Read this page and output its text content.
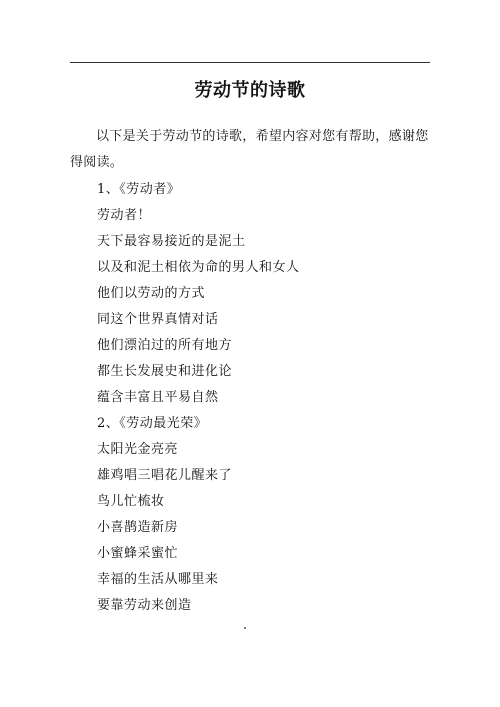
劳动节的诗歌
以下是关于劳动节的诗歌，希望内容对您有帮助，感谢您得阅读。
1、《劳动者》
劳动者！
天下最容易接近的是泥土
以及和泥土相依为命的男人和女人
他们以劳动的方式
同这个世界真情对话
他们漂泊过的所有地方
都生长发展史和进化论
蕴含丰富且平易自然
2、《劳动最光荣》
太阳光金亮亮
雄鸡唱三唱花儿醒来了
鸟儿忙梳妆
小喜鹊造新房
小蜜蜂采蜜忙
幸福的生活从哪里来
要靠劳动来创造
